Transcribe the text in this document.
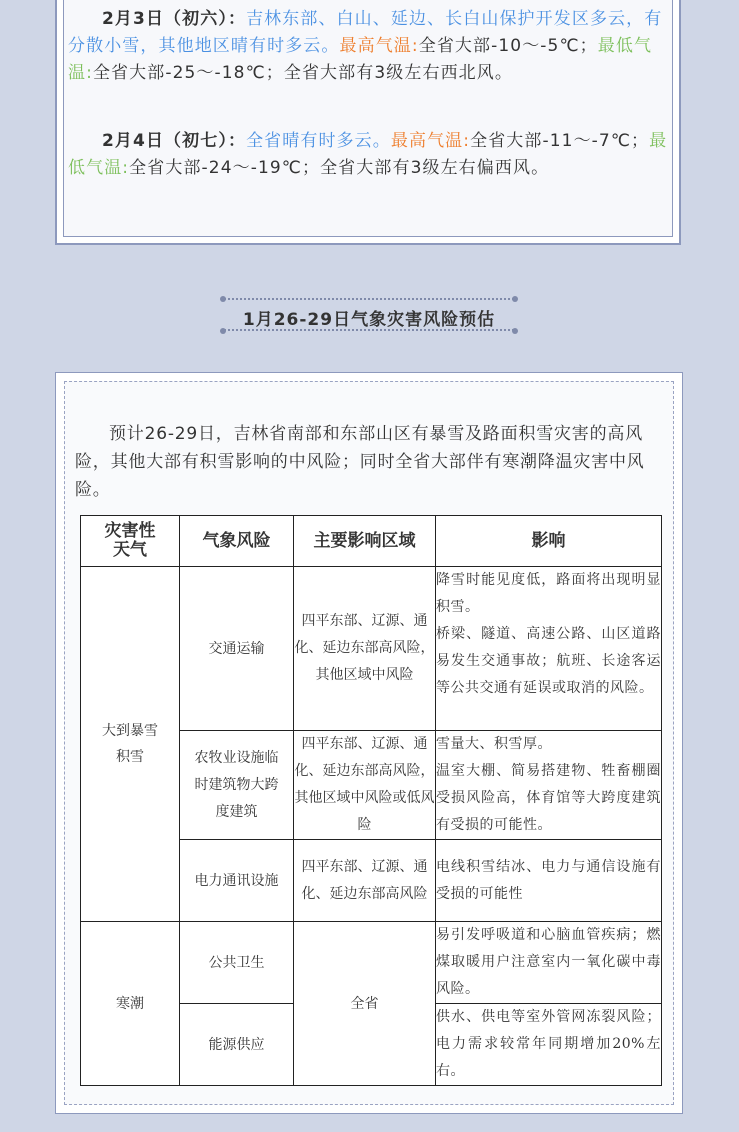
2月3日（初六）：吉林东部、白山、延边、长白山保护开发区多云，有分散小雪，其他地区晴有时多云。最高气温:全省大部-10～-5℃；最低气温:全省大部-25～-18℃；全省大部有3级左右西北风。

2月4日（初七）：全省晴有时多云。最高气温:全省大部-11～-7℃；最低气温:全省大部-24～-19℃；全省大部有3级左右偏西风。

1月26-29日气象灾害风险预估

预计26-29日，吉林省南部和东部山区有暴雪及路面积雪灾害的高风险，其他大部有积雪影响的中风险；同时全省大部伴有寒潮降温灾害中风险。

灾害性天气	气象风险	主要影响区域	影响

大到暴雪积雪	交通运输	四平东部、辽源、通化、延边东部高风险，其他区域中风险	降雪时能见度低，路面将出现明显积雪。
桥梁、隧道、高速公路、山区道路易发生交通事故；航班、长途客运等公共交通有延误或取消的风险。

	农牧业设施临时建筑物大跨度建筑	四平东部、辽源、通化、延边东部高风险，其他区域中风险或低风险	雪量大、积雪厚。
温室大棚、简易搭建物、牲畜棚圈受损风险高，体育馆等大跨度建筑有受损的可能性。

	电力通讯设施	四平东部、辽源、通化、延边东部高风险	电线积雪结冰、电力与通信设施有受损的可能性

寒潮	公共卫生	全省	易引发呼吸道和心脑血管疾病；燃煤取暖用户注意室内一氧化碳中毒风险。

	能源供应		供水、供电等室外管网冻裂风险；电力需求较常年同期增加20%左右。
